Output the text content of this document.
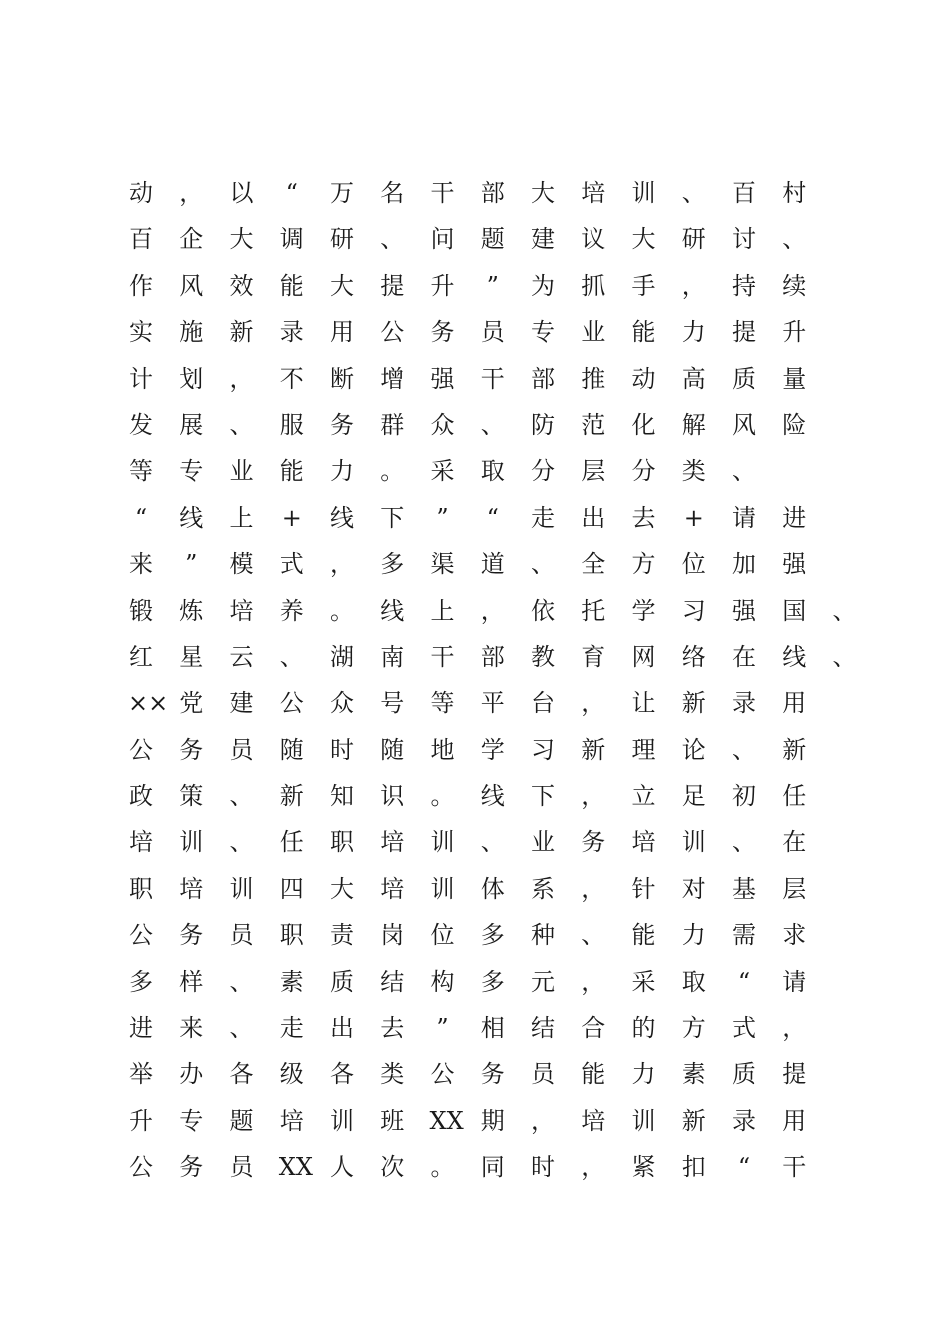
动 ， 以 “ 万 名 干 部 大 培 训 、 百 村
百 企 大 调 研 、 问 题 建 议 大 研 讨 、
作 风 效 能 大 提 升 ” 为 抓 手 ， 持 续
实 施 新 录 用 公 务 员 专 业 能 力 提 升
计 划 ， 不 断 增 强 干 部 推 动 高 质 量
发 展 、 服 务 群 众 、 防 范 化 解 风 险
等 专 业 能 力 。 采 取 分 层 分 类 、
“ 线 上 + 线 下 ” “ 走 出 去 + 请 进
来 ” 模 式 ， 多 渠 道 、 全 方 位 加 强
锻 炼 培 养 。 线 上 ， 依 托 学 习 强 国 、
红 星 云 、 湖 南 干 部 教 育 网 络 在 线 、
×× 党 建 公 众 号 等 平 台 ， 让 新 录 用
公 务 员 随 时 随 地 学 习 新 理 论 、 新
政 策 、 新 知 识 。 线 下 ， 立 足 初 任
培 训 、 任 职 培 训 、 业 务 培 训 、 在
职 培 训 四 大 培 训 体 系 ， 针 对 基 层
公 务 员 职 责 岗 位 多 种 、 能 力 需 求
多 样 、 素 质 结 构 多 元 ， 采 取 “ 请
进 来 、 走 出 去 ” 相 结 合 的 方 式 ，
举 办 各 级 各 类 公 务 员 能 力 素 质 提
升 专 题 培 训 班 XX 期 ， 培 训 新 录 用
公 务 员 XX 人 次 。 同 时 ， 紧 扣 “ 干
